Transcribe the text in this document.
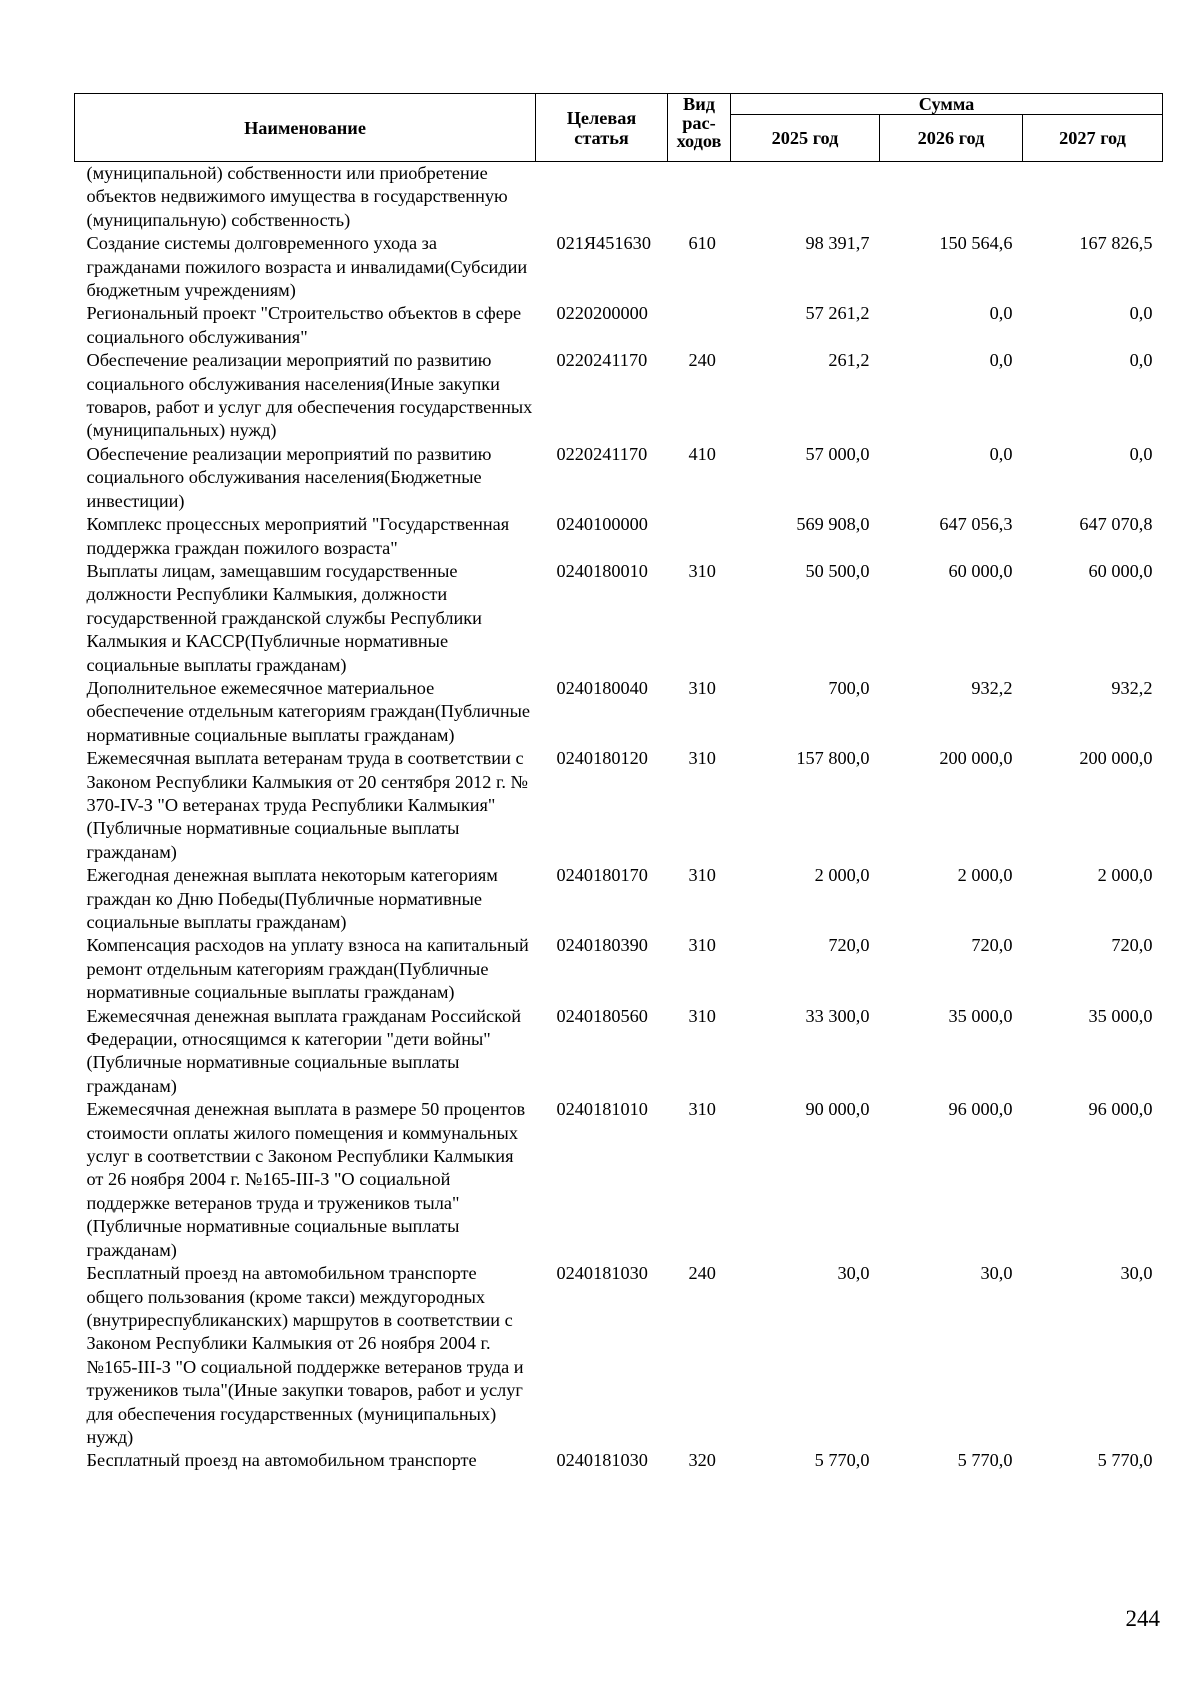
Наименование	Целевая статья	Вид рас-ходов	Сумма		
			2025 год	2026 год	2027 год
(муниципальной) собственности или приобретение объектов недвижимого имущества в государственную (муниципальную) собственность)					
Создание системы долговременного ухода за гражданами пожилого возраста и инвалидами(Субсидии бюджетным учреждениям)	021Я451630	610	98 391,7	150 564,6	167 826,5
Региональный проект "Строительство объектов в сфере социального обслуживания"	0220200000		57 261,2	0,0	0,0
Обеспечение реализации мероприятий по развитию социального обслуживания населения(Иные закупки товаров, работ и услуг для обеспечения государственных (муниципальных) нужд)	0220241170	240	261,2	0,0	0,0
Обеспечение реализации мероприятий по развитию социального обслуживания населения(Бюджетные инвестиции)	0220241170	410	57 000,0	0,0	0,0
Комплекс процессных мероприятий "Государственная поддержка граждан пожилого возраста"	0240100000		569 908,0	647 056,3	647 070,8
Выплаты лицам, замещавшим государственные должности Республики Калмыкия, должности государственной гражданской службы Республики Калмыкия и КАССР(Публичные нормативные социальные выплаты гражданам)	0240180010	310	50 500,0	60 000,0	60 000,0
Дополнительное ежемесячное материальное обеспечение отдельным категориям граждан(Публичные нормативные социальные выплаты гражданам)	0240180040	310	700,0	932,2	932,2
Ежемесячная выплата ветеранам труда в соответствии с Законом Республики Калмыкия от 20 сентября 2012 г. № 370-IV-З "О ветеранах труда Республики Калмыкия"(Публичные нормативные социальные выплаты гражданам)	0240180120	310	157 800,0	200 000,0	200 000,0
Ежегодная денежная выплата некоторым категориям граждан ко Дню Победы(Публичные нормативные социальные выплаты гражданам)	0240180170	310	2 000,0	2 000,0	2 000,0
Компенсация расходов на уплату взноса на капитальный ремонт отдельным категориям граждан(Публичные нормативные социальные выплаты гражданам)	0240180390	310	720,0	720,0	720,0
Ежемесячная денежная выплата гражданам Российской Федерации, относящимся к категории "дети войны"(Публичные нормативные социальные выплаты гражданам)	0240180560	310	33 300,0	35 000,0	35 000,0
Ежемесячная денежная выплата в размере 50 процентов стоимости оплаты жилого помещения и коммунальных услуг в соответствии с Законом Республики Калмыкия от 26 ноября 2004 г. №165-III-З "О социальной поддержке ветеранов труда и тружеников тыла"(Публичные нормативные социальные выплаты гражданам)	0240181010	310	90 000,0	96 000,0	96 000,0
Бесплатный проезд на автомобильном транспорте общего пользования (кроме такси) междугородных (внутриреспубликанских) маршрутов в соответствии с Законом Республики Калмыкия от 26 ноября 2004 г. №165-III-З "О социальной поддержке ветеранов труда и тружеников тыла"(Иные закупки товаров, работ и услуг для обеспечения государственных (муниципальных) нужд)	0240181030	240	30,0	30,0	30,0
Бесплатный проезд на автомобильном транспорте	0240181030	320	5 770,0	5 770,0	5 770,0
244
